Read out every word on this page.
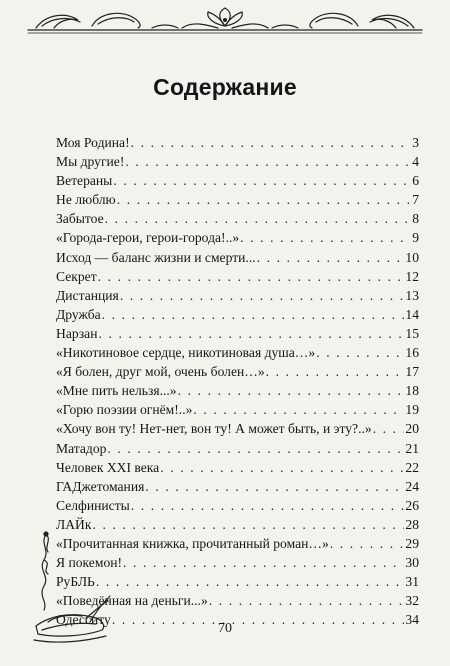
Содержание
Моя Родина! . . .	3
Мы другие! . . .	4
Ветераны . . .	6
Не люблю . . .	7
Забытое . . .	8
«Города-герои, герои-города!..» . . .	9
Исход — баланс жизни и смерти... . . .	10
Секрет . . .	12
Дистанция . . .	13
Дружба . . .	14
Нарзан . . .	15
«Никотиновое сердце, никотиновая душа…» . . .	16
«Я болен, друг мой, очень болен…» . . .	17
«Мне пить нельзя...» . . .	18
«Горю поэзии огнём!..» . . .	19
«Хочу вон ту! Нет-нет, вон ту! А может быть, и эту?..» . . . 20
Матадор . . .	21
Человек XXI века . . .	22
ГАДжетомания . . .	24
Селфинисты . . .	26
ЛАЙк . . .	28
«Прочитанная книжка, прочитанный роман…» . . .	29
Я покемон! . . .	30
РуБЛЬ . . .	31
«Поведённая на деньги...» . . .	32
Одесситу . . .	34
70
